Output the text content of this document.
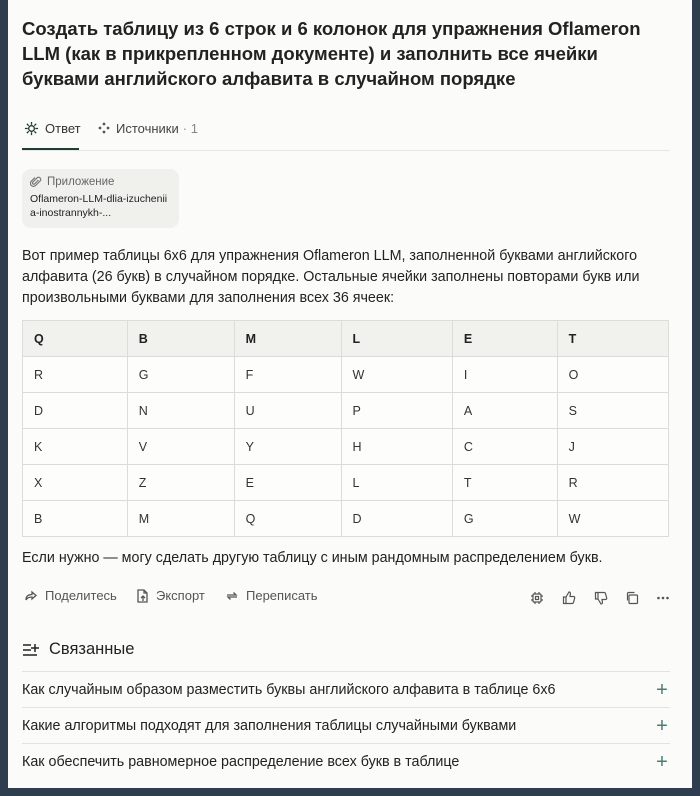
Создать таблицу из 6 строк и 6 колонок для упражнения Oflameron LLM (как в прикрепленном документе) и заполнить все ячейки буквами английского алфавита в случайном порядке
Ответ	Источники · 1
Приложение
Oflameron-LLM-dlia-izucheniia-inostrannykh-...

Вот пример таблицы 6х6 для упражнения Oflameron LLM, заполненной буквами английского алфавита (26 букв) в случайном порядке. Остальные ячейки заполнены повторами букв или произвольными буквами для заполнения всех 36 ячеек:

Q	B	M	L	E	T
R	G	F	W	I	O
D	N	U	P	A	S
K	V	Y	H	C	J
X	Z	E	L	T	R
B	M	Q	D	G	W

Если нужно — могу сделать другую таблицу с иным рандомным распределением букв.

Поделитесь	Экспорт	Переписать
Связанные
Как случайным образом разместить буквы английского алфавита в таблице 6х6	+
Какие алгоритмы подходят для заполнения таблицы случайными буквами	+
Как обеспечить равномерное распределение всех букв в таблице	+
